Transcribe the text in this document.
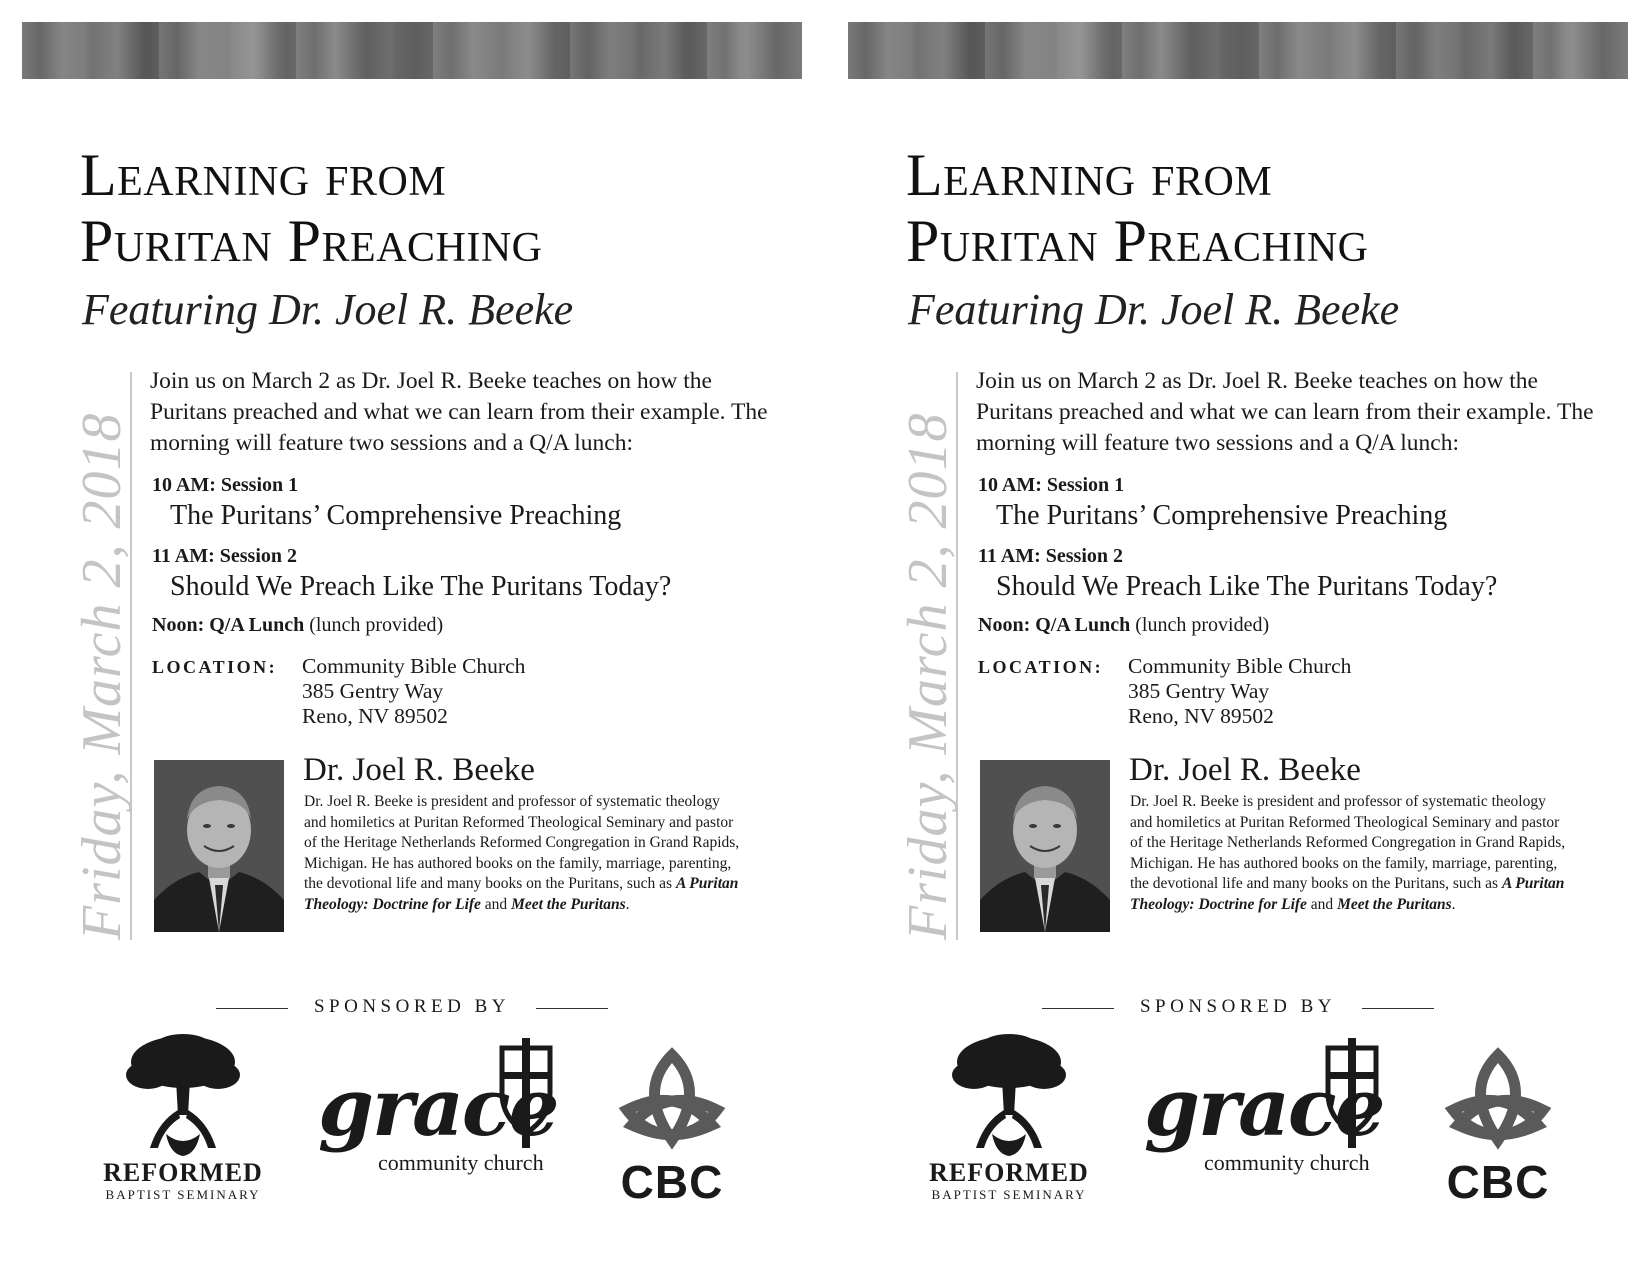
Learning from
Puritan Preaching
Featuring Dr. Joel R. Beeke
Friday, March 2, 2018

Join us on March 2 as Dr. Joel R. Beeke teaches on how the Puritans preached and what we can learn from their example. The morning will feature two sessions and a Q/A lunch:

10 AM: Session 1

The Puritans’ Comprehensive Preaching

11 AM: Session 2

Should We Preach Like The Puritans Today?

Noon: Q/A Lunch (lunch provided)

LOCATION: Community Bible Church
385 Gentry Way
Reno, NV 89502

Dr. Joel R. Beeke

Dr. Joel R. Beeke is president and professor of systematic theology and homiletics at Puritan Reformed Theological Seminary and pastor of the Heritage Netherlands Reformed Congregation in Grand Rapids, Michigan. He has authored books on the family, marriage, parenting, the devotional life and many books on the Puritans, such as A Puritan Theology: Doctrine for Life and Meet the Puritans.

SPONSORED BY
REFORMED
BAPTIST SEMINARY
grace
community church CBC
Learning from
Puritan Preaching
Featuring Dr. Joel R. Beeke
Friday, March 2, 2018

Join us on March 2 as Dr. Joel R. Beeke teaches on how the Puritans preached and what we can learn from their example. The morning will feature two sessions and a Q/A lunch:

10 AM: Session 1

The Puritans’ Comprehensive Preaching

11 AM: Session 2

Should We Preach Like The Puritans Today?

Noon: Q/A Lunch (lunch provided)

LOCATION: Community Bible Church
385 Gentry Way
Reno, NV 89502

Dr. Joel R. Beeke

Dr. Joel R. Beeke is president and professor of systematic theology and homiletics at Puritan Reformed Theological Seminary and pastor of the Heritage Netherlands Reformed Congregation in Grand Rapids, Michigan. He has authored books on the family, marriage, parenting, the devotional life and many books on the Puritans, such as A Puritan Theology: Doctrine for Life and Meet the Puritans.

SPONSORED BY
REFORMED
BAPTIST SEMINARY
grace
community church CBC
